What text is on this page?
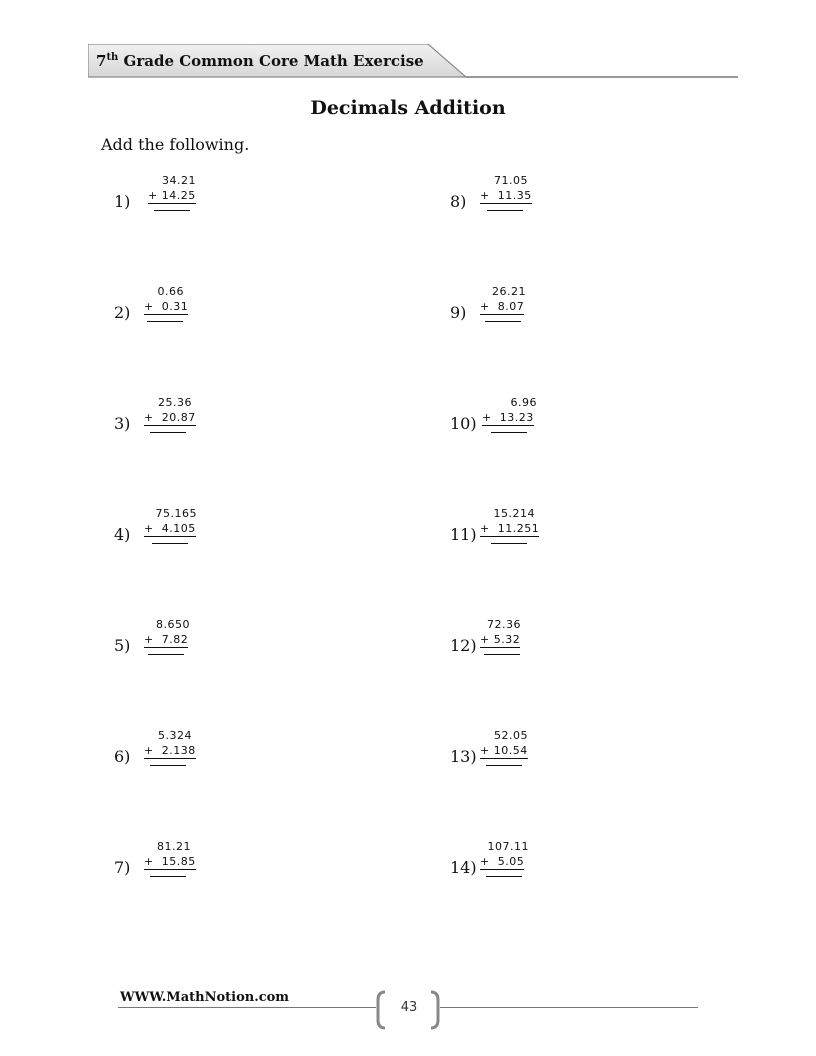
7th Grade Common Core Math Exercise
Decimals Addition
Add the following.
1)
34.21
+ 14.25
2)
0.66
+  0.31
3)
25.36
+  20.87
4)
75.165
+  4.105
5)
8.650
+  7.82
6)
5.324
+  2.138
7)
81.21
+  15.85
8)
71.05
+  11.35
9)
26.21
+  8.07
10)
6.96
+  13.23
11)
15.214
+  11.251
12)
72.36
+ 5.32
13)
52.05
+ 10.54
14)
107.11
+  5.05
WWW.MathNotion.com
43
